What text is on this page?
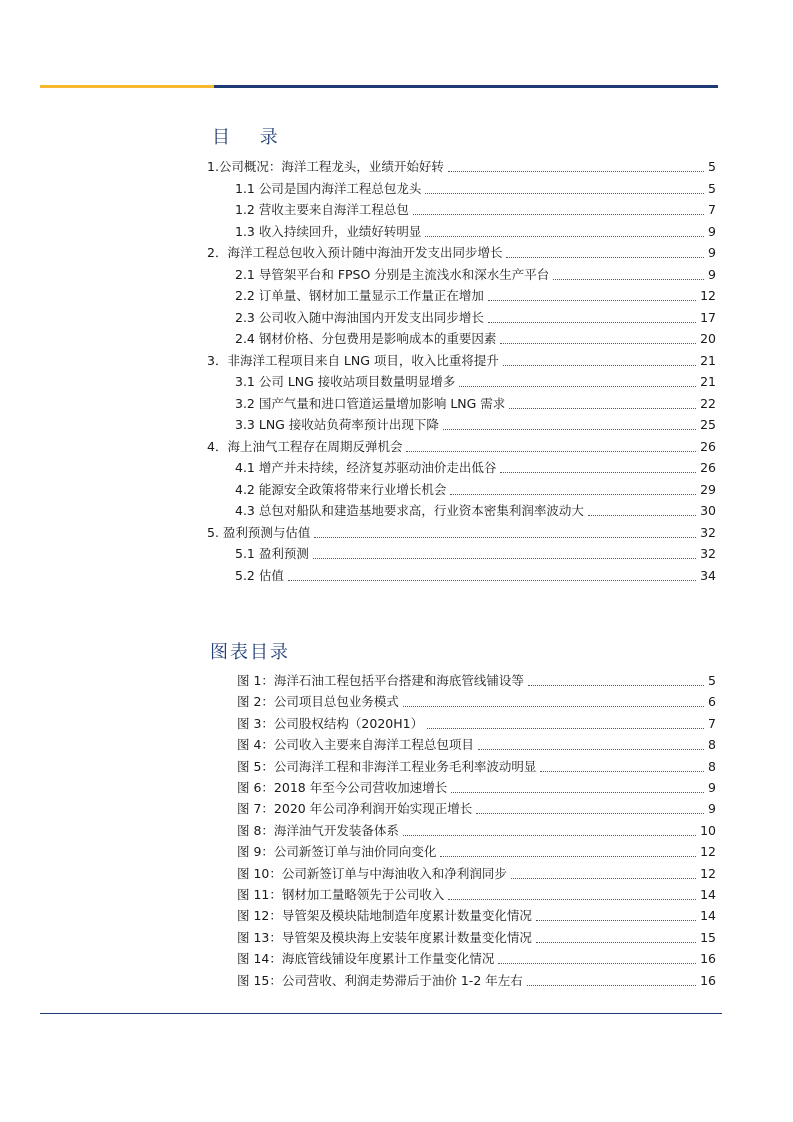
目 录
1.公司概况：海洋工程龙头，业绩开始好转	5
1.1 公司是国内海洋工程总包龙头	5
1.2 营收主要来自海洋工程总包	7
1.3 收入持续回升，业绩好转明显	9
2．海洋工程总包收入预计随中海油开发支出同步增长	9
2.1 导管架平台和 FPSO 分别是主流浅水和深水生产平台	9
2.2 订单量、钢材加工量显示工作量正在增加	12
2.3 公司收入随中海油国内开发支出同步增长	17
2.4 钢材价格、分包费用是影响成本的重要因素	20
3．非海洋工程项目来自 LNG 项目，收入比重将提升	21
3.1 公司 LNG 接收站项目数量明显增多	21
3.2 国产气量和进口管道运量增加影响 LNG 需求	22
3.3 LNG 接收站负荷率预计出现下降	25
4．海上油气工程存在周期反弹机会	26
4.1 增产并未持续，经济复苏驱动油价走出低谷	26
4.2 能源安全政策将带来行业增长机会	29
4.3 总包对船队和建造基地要求高，行业资本密集利润率波动大	30
5. 盈利预测与估值	32
5.1 盈利预测	32
5.2 估值	34
图表目录
图 1：海洋石油工程包括平台搭建和海底管线铺设等	5
图 2：公司项目总包业务模式	6
图 3：公司股权结构（2020H1）	7
图 4：公司收入主要来自海洋工程总包项目	8
图 5：公司海洋工程和非海洋工程业务毛利率波动明显	8
图 6：2018 年至今公司营收加速增长	9
图 7：2020 年公司净利润开始实现正增长	9
图 8：海洋油气开发装备体系	10
图 9：公司新签订单与油价同向变化	12
图 10：公司新签订单与中海油收入和净利润同步	12
图 11：钢材加工量略领先于公司收入	14
图 12：导管架及模块陆地制造年度累计数量变化情况	14
图 13：导管架及模块海上安装年度累计数量变化情况	15
图 14：海底管线铺设年度累计工作量变化情况	16
图 15：公司营收、利润走势滞后于油价 1-2 年左右	16
